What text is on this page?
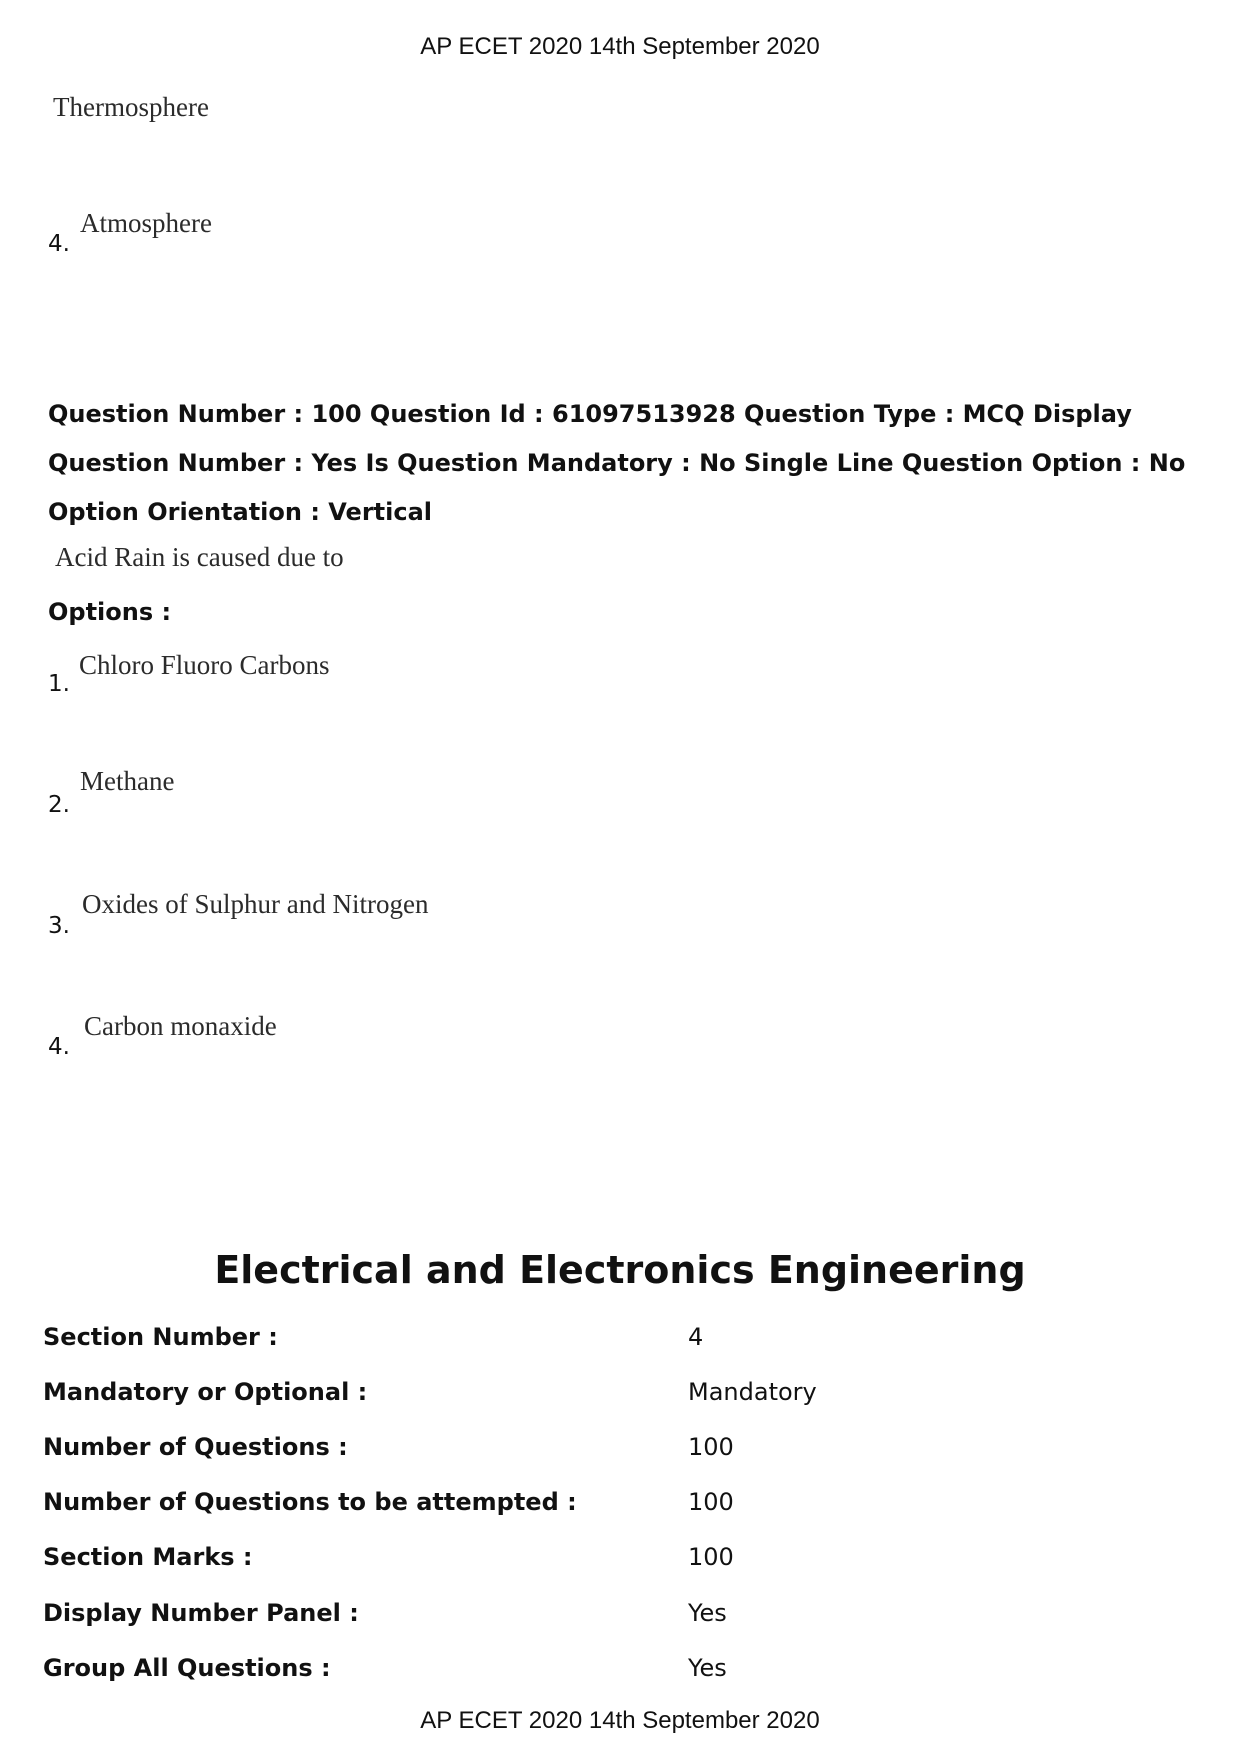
AP ECET 2020 14th September 2020
Thermosphere
4.
Atmosphere
Question Number : 100 Question Id : 61097513928 Question Type : MCQ Display Question Number : Yes Is Question Mandatory : No Single Line Question Option : No Option Orientation : Vertical
Acid Rain is caused due to
Options :
1.
Chloro Fluoro Carbons
2.
Methane
3.
Oxides of Sulphur and Nitrogen
4.
Carbon monaxide
Electrical and Electronics Engineering
Section Number :	4
Mandatory or Optional :	Mandatory
Number of Questions :	100
Number of Questions to be attempted :	100
Section Marks :	100
Display Number Panel :	Yes
Group All Questions :	Yes
AP ECET 2020 14th September 2020
